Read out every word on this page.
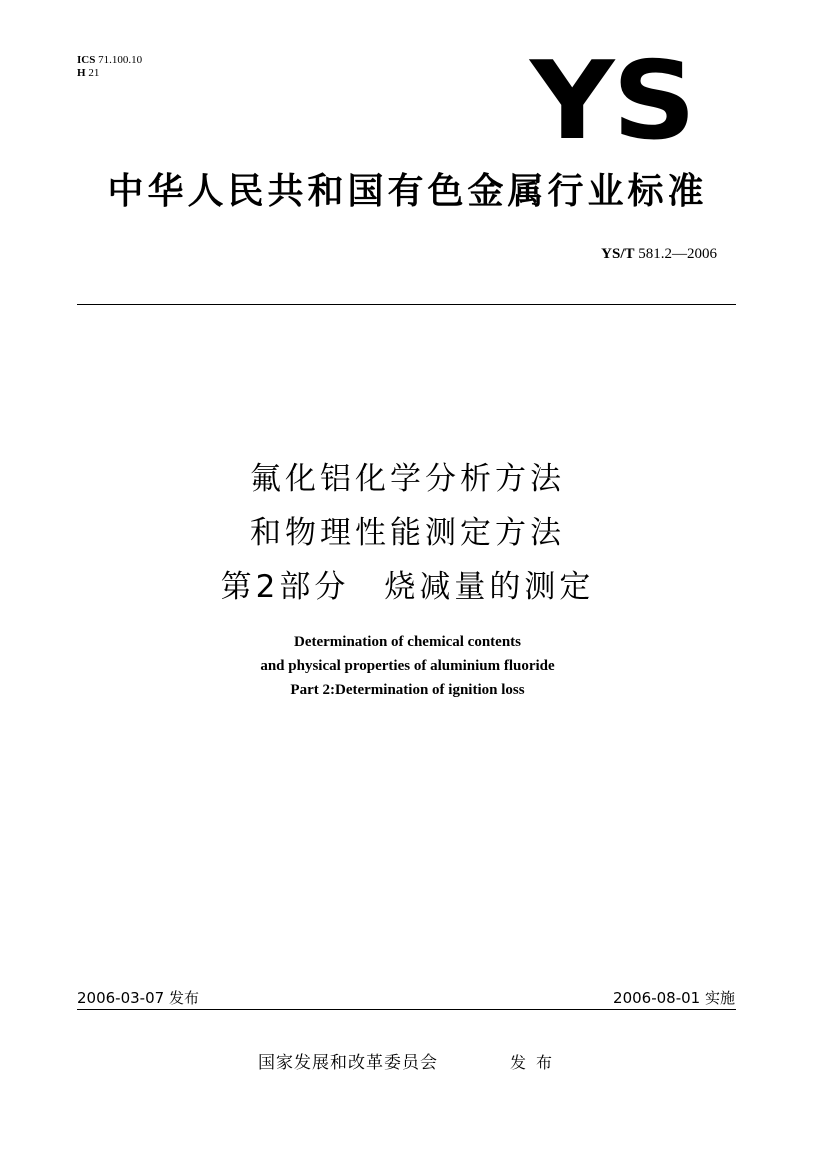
ICS 71.100.10
H 21	YS
中华人民共和国有色金属行业标准
YS/T 581.2—2006
氟化铝化学分析方法
和物理性能测定方法
第2部分　烧减量的测定
Determination of chemical contents
and physical properties of aluminium fluoride
Part 2:Determination of ignition loss
2006-03-07 发布	2006-08-01 实施
国家发展和改革委员会	发布
